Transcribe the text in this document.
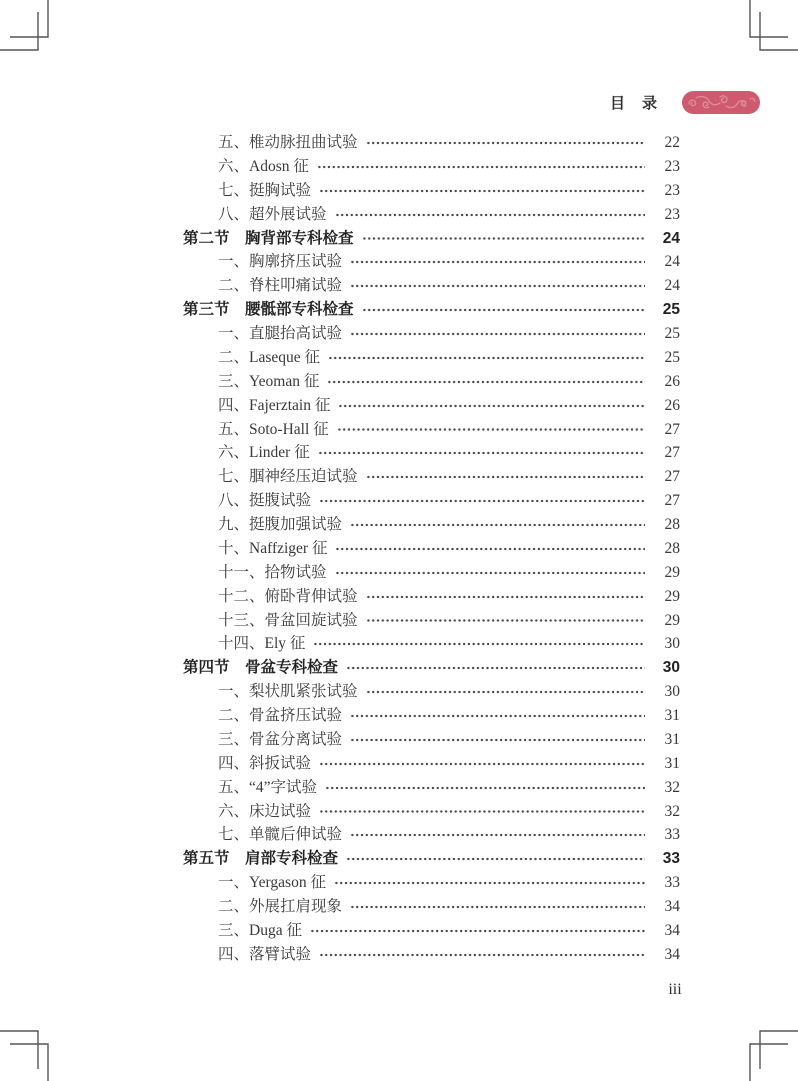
目　录
五、椎动脉扭曲试验	22
六、Adosn 征	23
七、挺胸试验	23
八、超外展试验	23
第二节　胸背部专科检查	24
一、胸廓挤压试验	24
二、脊柱叩痛试验	24
第三节　腰骶部专科检查	25
一、直腿抬高试验	25
二、Laseque 征	25
三、Yeoman 征	26
四、Fajerztain 征	26
五、Soto-Hall 征	27
六、Linder 征	27
七、腘神经压迫试验	27
八、挺腹试验	27
九、挺腹加强试验	28
十、Naffziger 征	28
十一、拾物试验	29
十二、俯卧背伸试验	29
十三、骨盆回旋试验	29
十四、Ely 征	30
第四节　骨盆专科检查	30
一、梨状肌紧张试验	30
二、骨盆挤压试验	31
三、骨盆分离试验	31
四、斜扳试验	31
五、“4”字试验	32
六、床边试验	32
七、单髋后伸试验	33
第五节　肩部专科检查	33
一、Yergason 征	33
二、外展扛肩现象	34
三、Duga 征	34
四、落臂试验	34
iii
